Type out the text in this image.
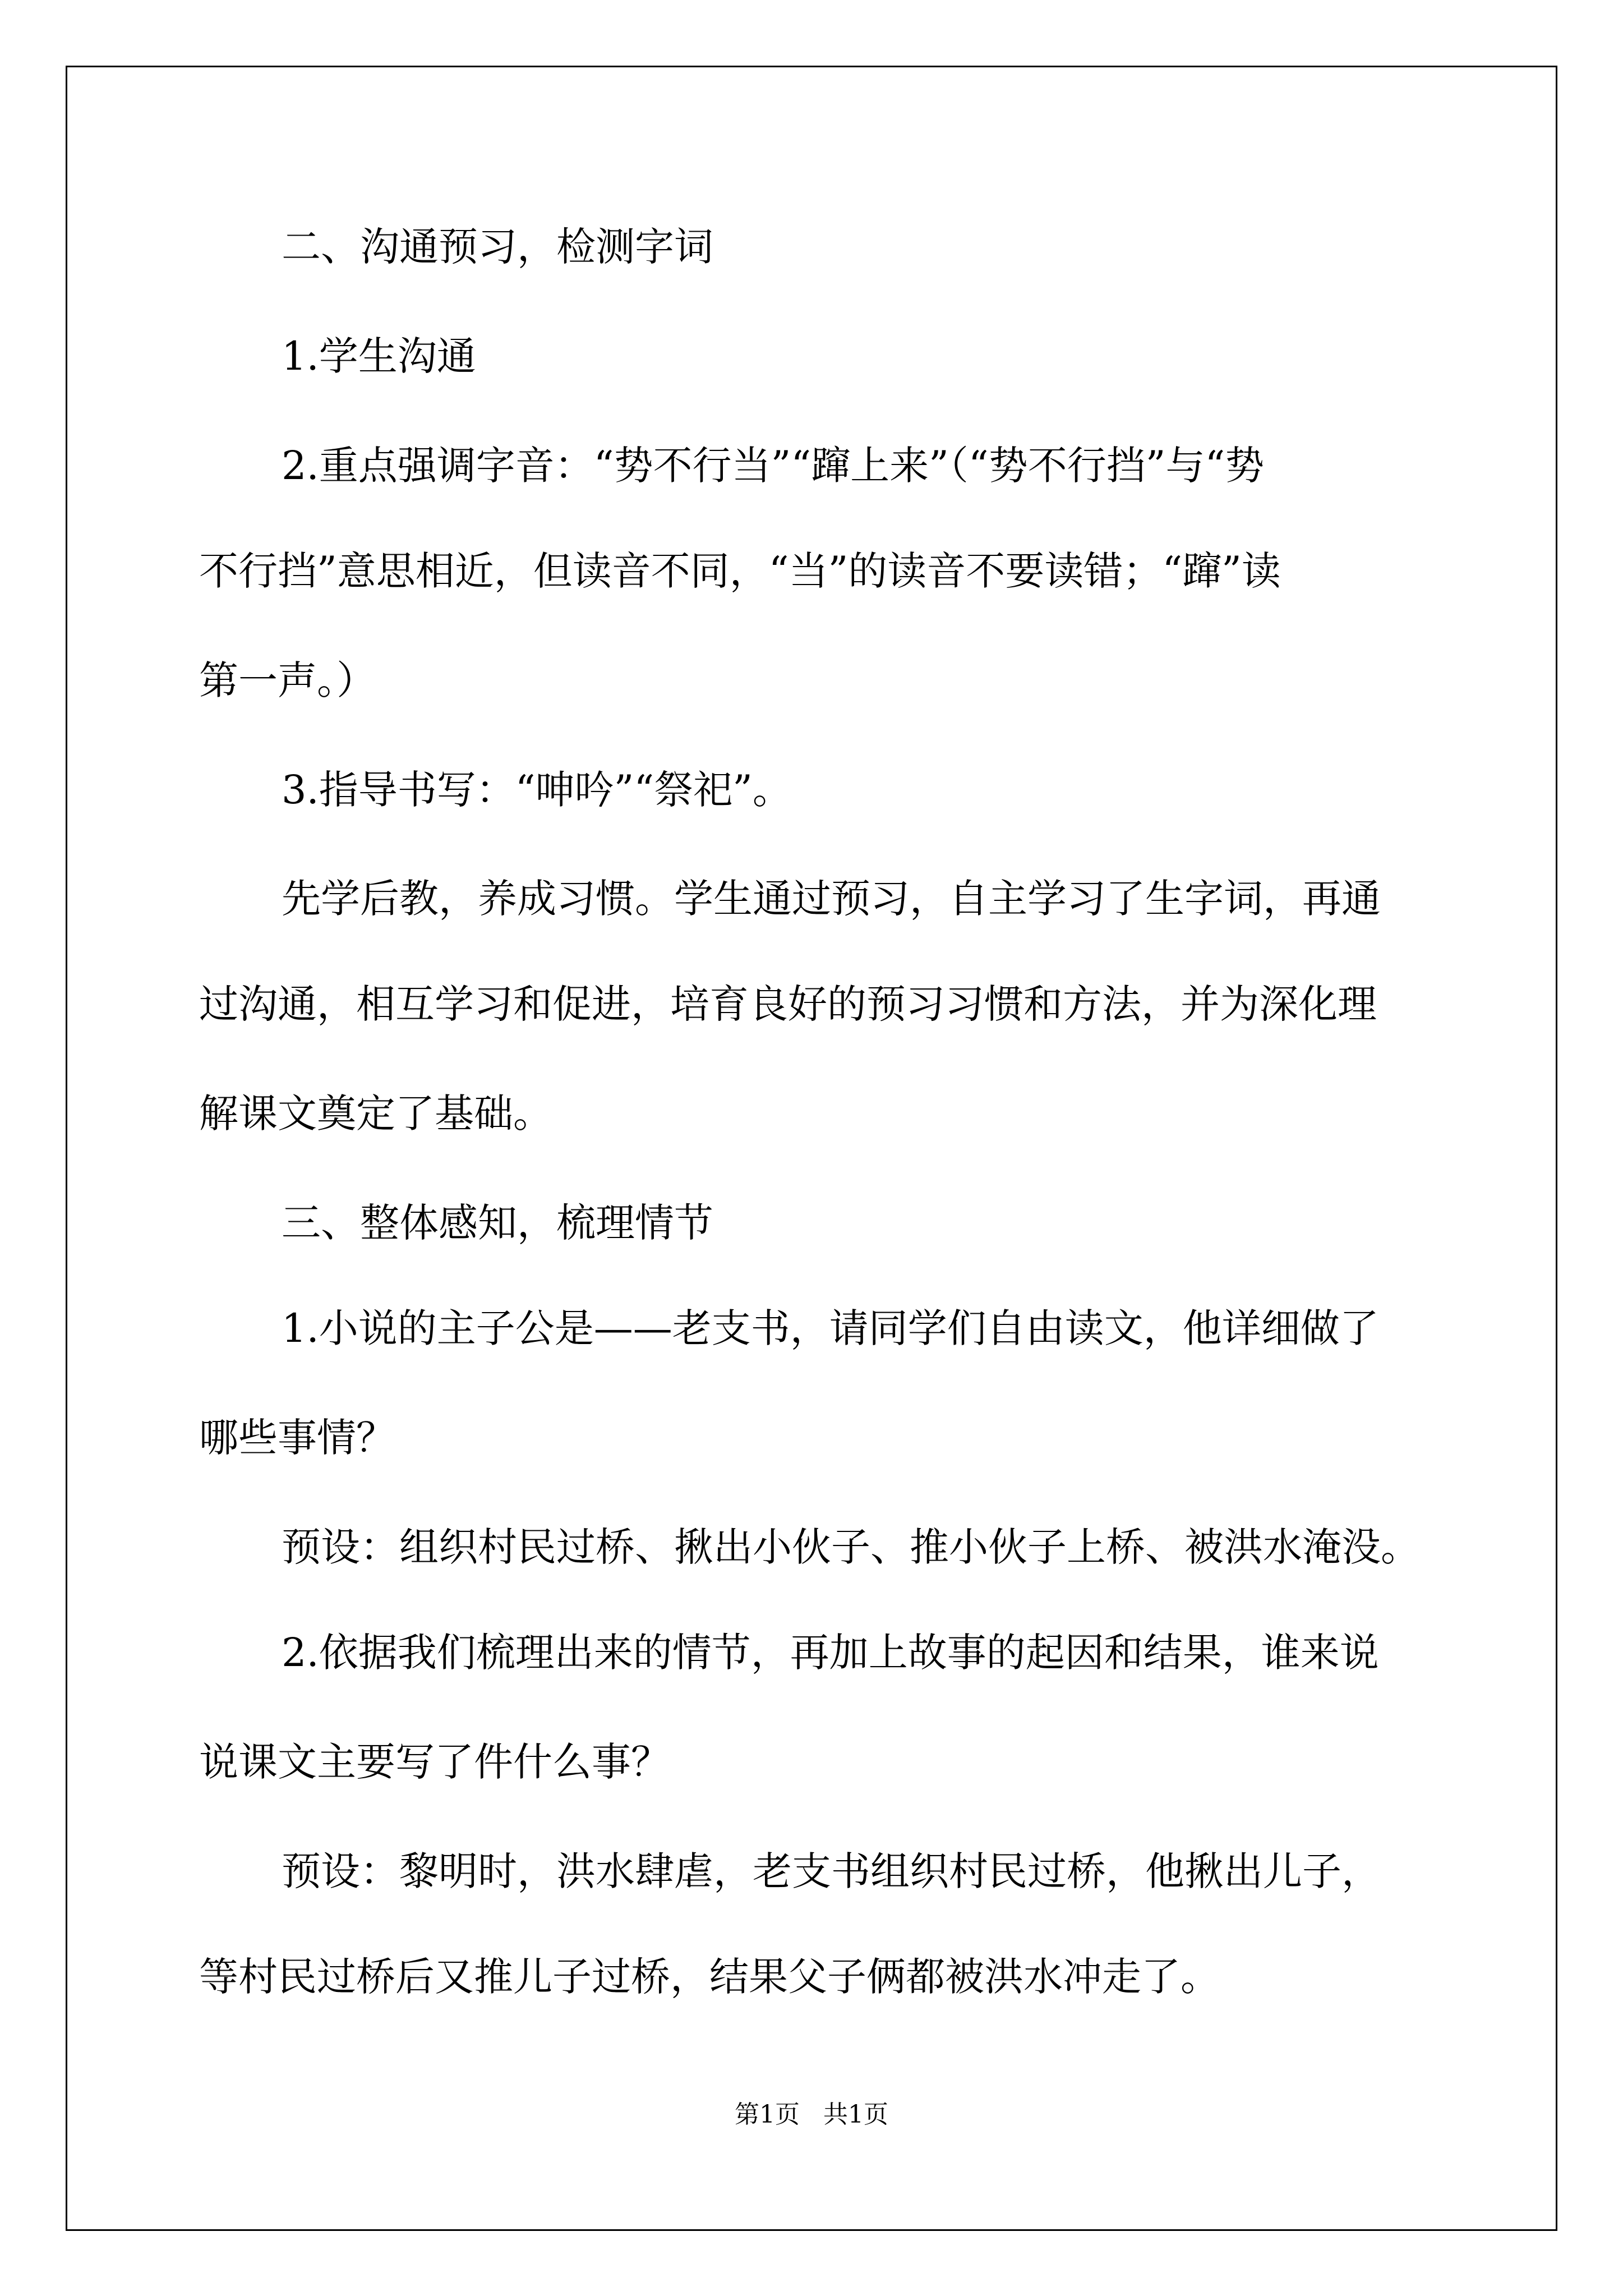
二、沟通预习，检测字词

1.学生沟通

2.重点强调字音：“势不行当”“蹿上来”（“势不行挡”与“势

不行挡”意思相近，但读音不同，“当”的读音不要读错；“蹿”读

第一声。）

3.指导书写：“呻吟”“祭祀”。

先学后教，养成习惯。学生通过预习，自主学习了生字词，再通

过沟通，相互学习和促进，培育良好的预习习惯和方法，并为深化理

解课文奠定了基础。

三、整体感知，梳理情节

1.小说的主子公是——老支书，请同学们自由读文，他详细做了

哪些事情？

预设：组织村民过桥、揪出小伙子、推小伙子上桥、被洪水淹没。

2.依据我们梳理出来的情节，再加上故事的起因和结果，谁来说

说课文主要写了件什么事？

预设：黎明时，洪水肆虐，老支书组织村民过桥，他揪出儿子，

等村民过桥后又推儿子过桥，结果父子俩都被洪水冲走了。

第1页   共1页
